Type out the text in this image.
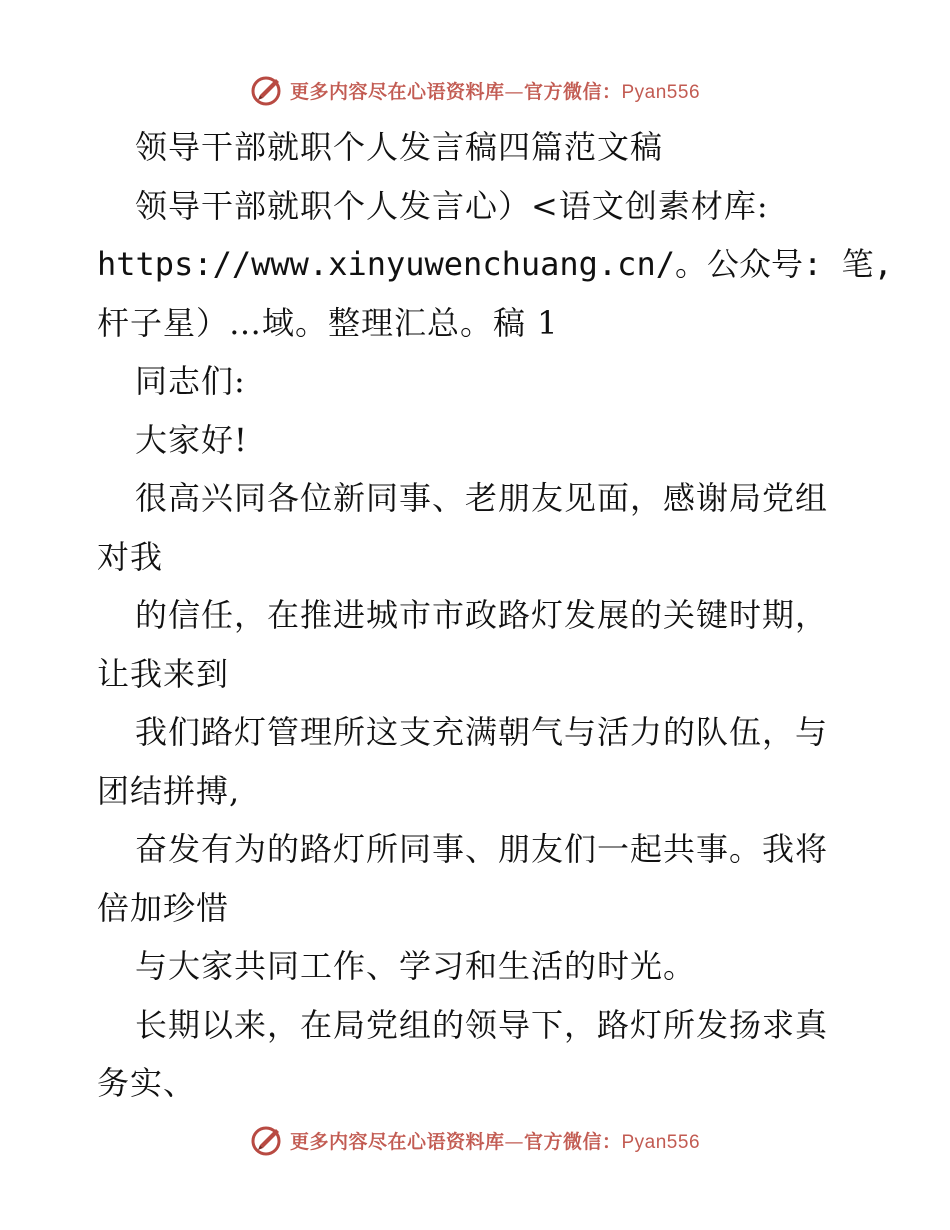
更多内容尽在心语资料库—官方微信：Pyan556
领导干部就职个人发言稿四篇范文稿
领导干部就职个人发言心）<语文创素材库:
https://www.xinyuwenchuang.cn/。公众号: 笔,
杆子星）…域。整理汇总。稿 1
同志们:
大家好!
很高兴同各位新同事、老朋友见面，感谢局党组
对我
的信任，在推进城市市政路灯发展的关键时期，
让我来到
我们路灯管理所这支充满朝气与活力的队伍，与
团结拼搏,
奋发有为的路灯所同事、朋友们一起共事。我将
倍加珍惜
与大家共同工作、学习和生活的时光。
长期以来，在局党组的领导下，路灯所发扬求真
务实、
更多内容尽在心语资料库—官方微信：Pyan556
